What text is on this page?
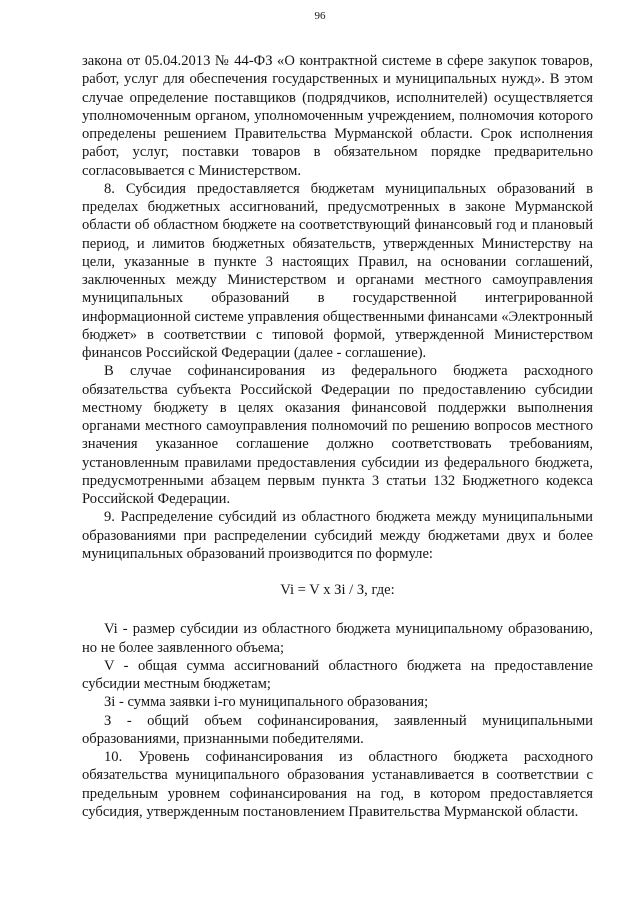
96

закона от 05.04.2013 № 44-ФЗ «О контрактной системе в сфере закупок товаров, работ, услуг для обеспечения государственных и муниципальных нужд». В этом случае определение поставщиков (подрядчиков, исполнителей) осуществляется уполномоченным органом, уполномоченным учреждением, полномочия которого определены решением Правительства Мурманской области. Срок исполнения работ, услуг, поставки товаров в обязательном порядке предварительно согласовывается с Министерством.

8. Субсидия предоставляется бюджетам муниципальных образований в пределах бюджетных ассигнований, предусмотренных в законе Мурманской области об областном бюджете на соответствующий финансовый год и плановый период, и лимитов бюджетных обязательств, утвержденных Министерству на цели, указанные в пункте 3 настоящих Правил, на основании соглашений, заключенных между Министерством и органами местного самоуправления муниципальных образований в государственной интегрированной информационной системе управления общественными финансами «Электронный бюджет» в соответствии с типовой формой, утвержденной Министерством финансов Российской Федерации (далее - соглашение).

В случае софинансирования из федерального бюджета расходного обязательства субъекта Российской Федерации по предоставлению субсидии местному бюджету в целях оказания финансовой поддержки выполнения органами местного самоуправления полномочий по решению вопросов местного значения указанное соглашение должно соответствовать требованиям, установленным правилами предоставления субсидии из федерального бюджета, предусмотренными абзацем первым пункта 3 статьи 132 Бюджетного кодекса Российской Федерации.

9. Распределение субсидий из областного бюджета между муниципальными образованиями при распределении субсидий между бюджетами двух и более муниципальных образований производится по формуле:

Vi = V x Зi / З, где:

Vi - размер субсидии из областного бюджета муниципальному образованию, но не более заявленного объема;

V - общая сумма ассигнований областного бюджета на предоставление субсидии местным бюджетам;

Зi - сумма заявки i-го муниципального образования;

З - общий объем софинансирования, заявленный муниципальными образованиями, признанными победителями.

10. Уровень софинансирования из областного бюджета расходного обязательства муниципального образования устанавливается в соответствии с предельным уровнем софинансирования на год, в котором предоставляется субсидия, утвержденным постановлением Правительства Мурманской области.
